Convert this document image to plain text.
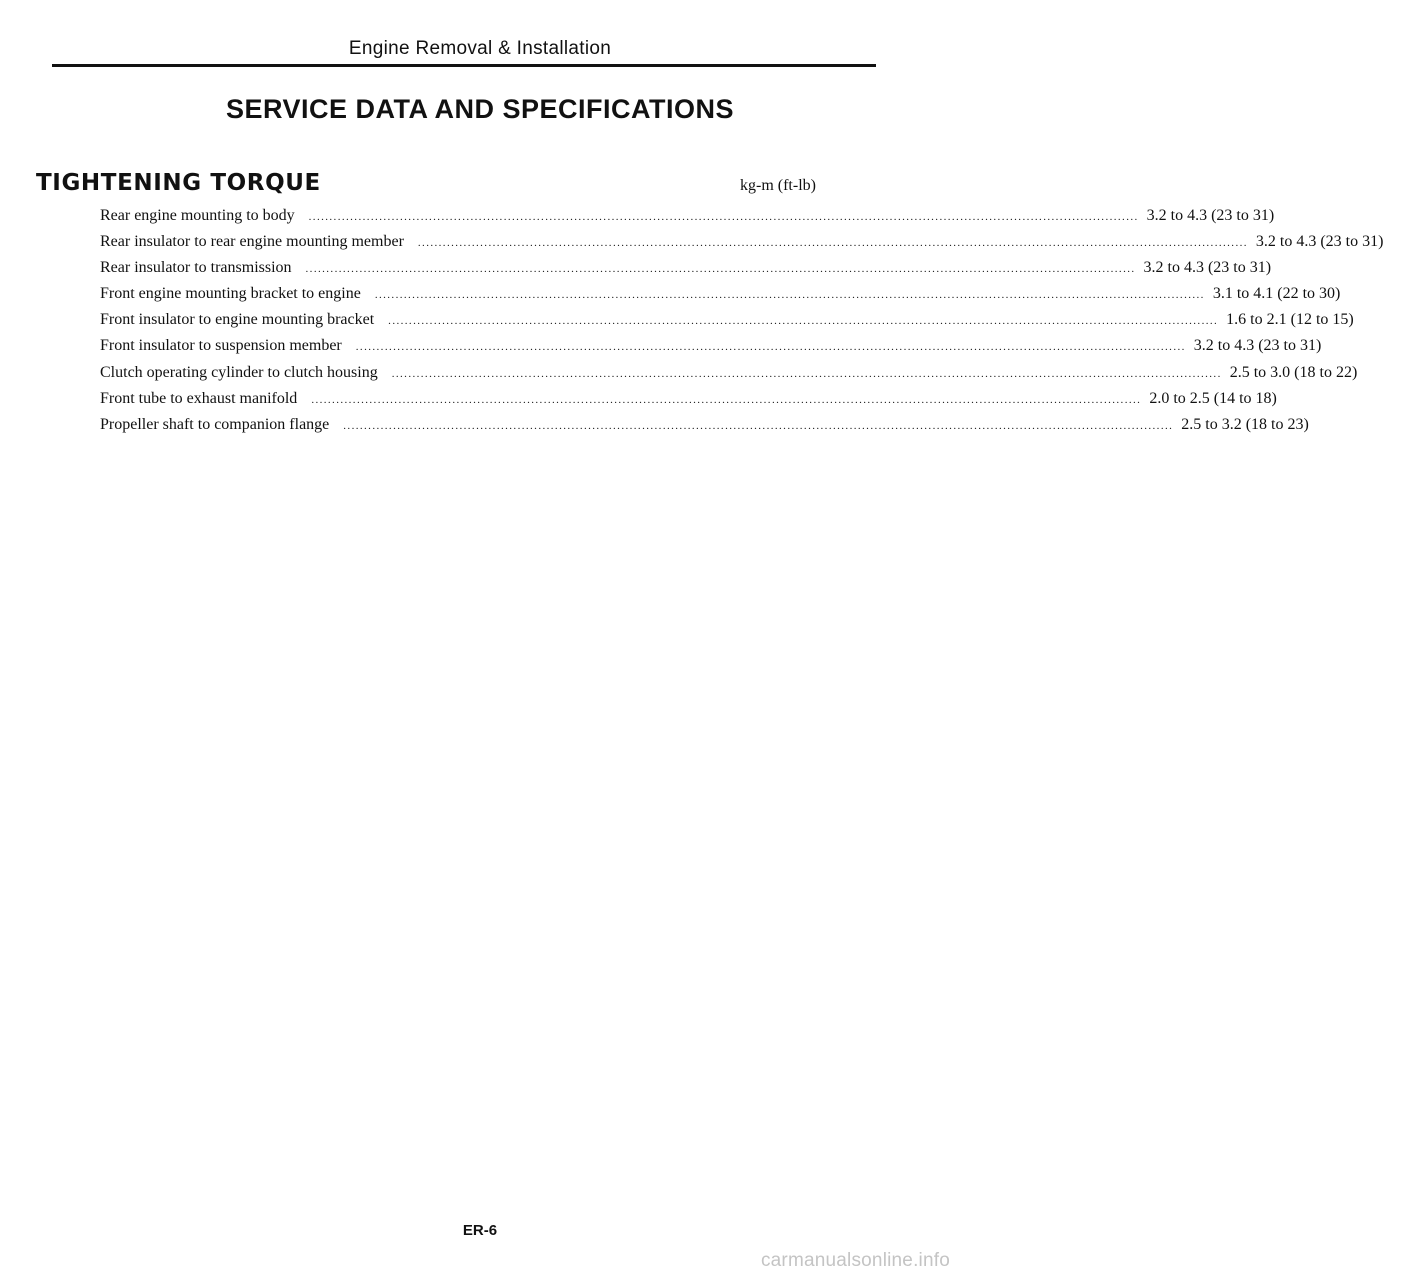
Engine Removal & Installation
SERVICE DATA AND SPECIFICATIONS
TIGHTENING TORQUE	kg-m (ft-lb)
Rear engine mounting to body ........................................................................................................................................................................................................ 3.2 to 4.3 (23 to 31)
Rear insulator to rear engine mounting member ........................................................................................................................................................................................................ 3.2 to 4.3 (23 to 31)
Rear insulator to transmission ........................................................................................................................................................................................................ 3.2 to 4.3 (23 to 31)
Front engine mounting bracket to engine ........................................................................................................................................................................................................ 3.1 to 4.1 (22 to 30)
Front insulator to engine mounting bracket ........................................................................................................................................................................................................ 1.6 to 2.1 (12 to 15)
Front insulator to suspension member ........................................................................................................................................................................................................ 3.2 to 4.3 (23 to 31)
Clutch operating cylinder to clutch housing ........................................................................................................................................................................................................ 2.5 to 3.0 (18 to 22)
Front tube to exhaust manifold ........................................................................................................................................................................................................ 2.0 to 2.5 (14 to 18)
Propeller shaft to companion flange ........................................................................................................................................................................................................ 2.5 to 3.2 (18 to 23)
ER-6
carmanualsonline.info
